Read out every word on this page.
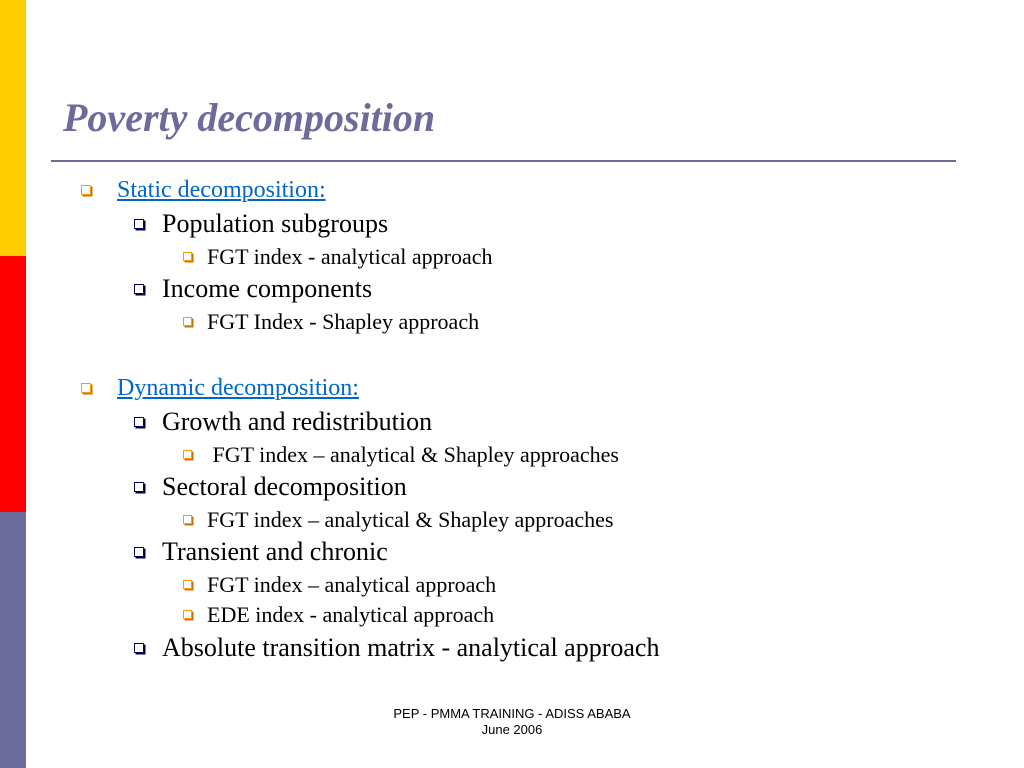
Poverty decomposition
Static decomposition:
Population subgroups
FGT index - analytical approach
Income components
FGT Index - Shapley approach
Dynamic decomposition:
Growth and redistribution
FGT index – analytical & Shapley approaches
Sectoral decomposition
FGT index – analytical & Shapley approaches
Transient and chronic
FGT index – analytical approach
EDE index - analytical approach
Absolute transition matrix - analytical approach
PEP - PMMA TRAINING - ADISS ABABA
June 2006
